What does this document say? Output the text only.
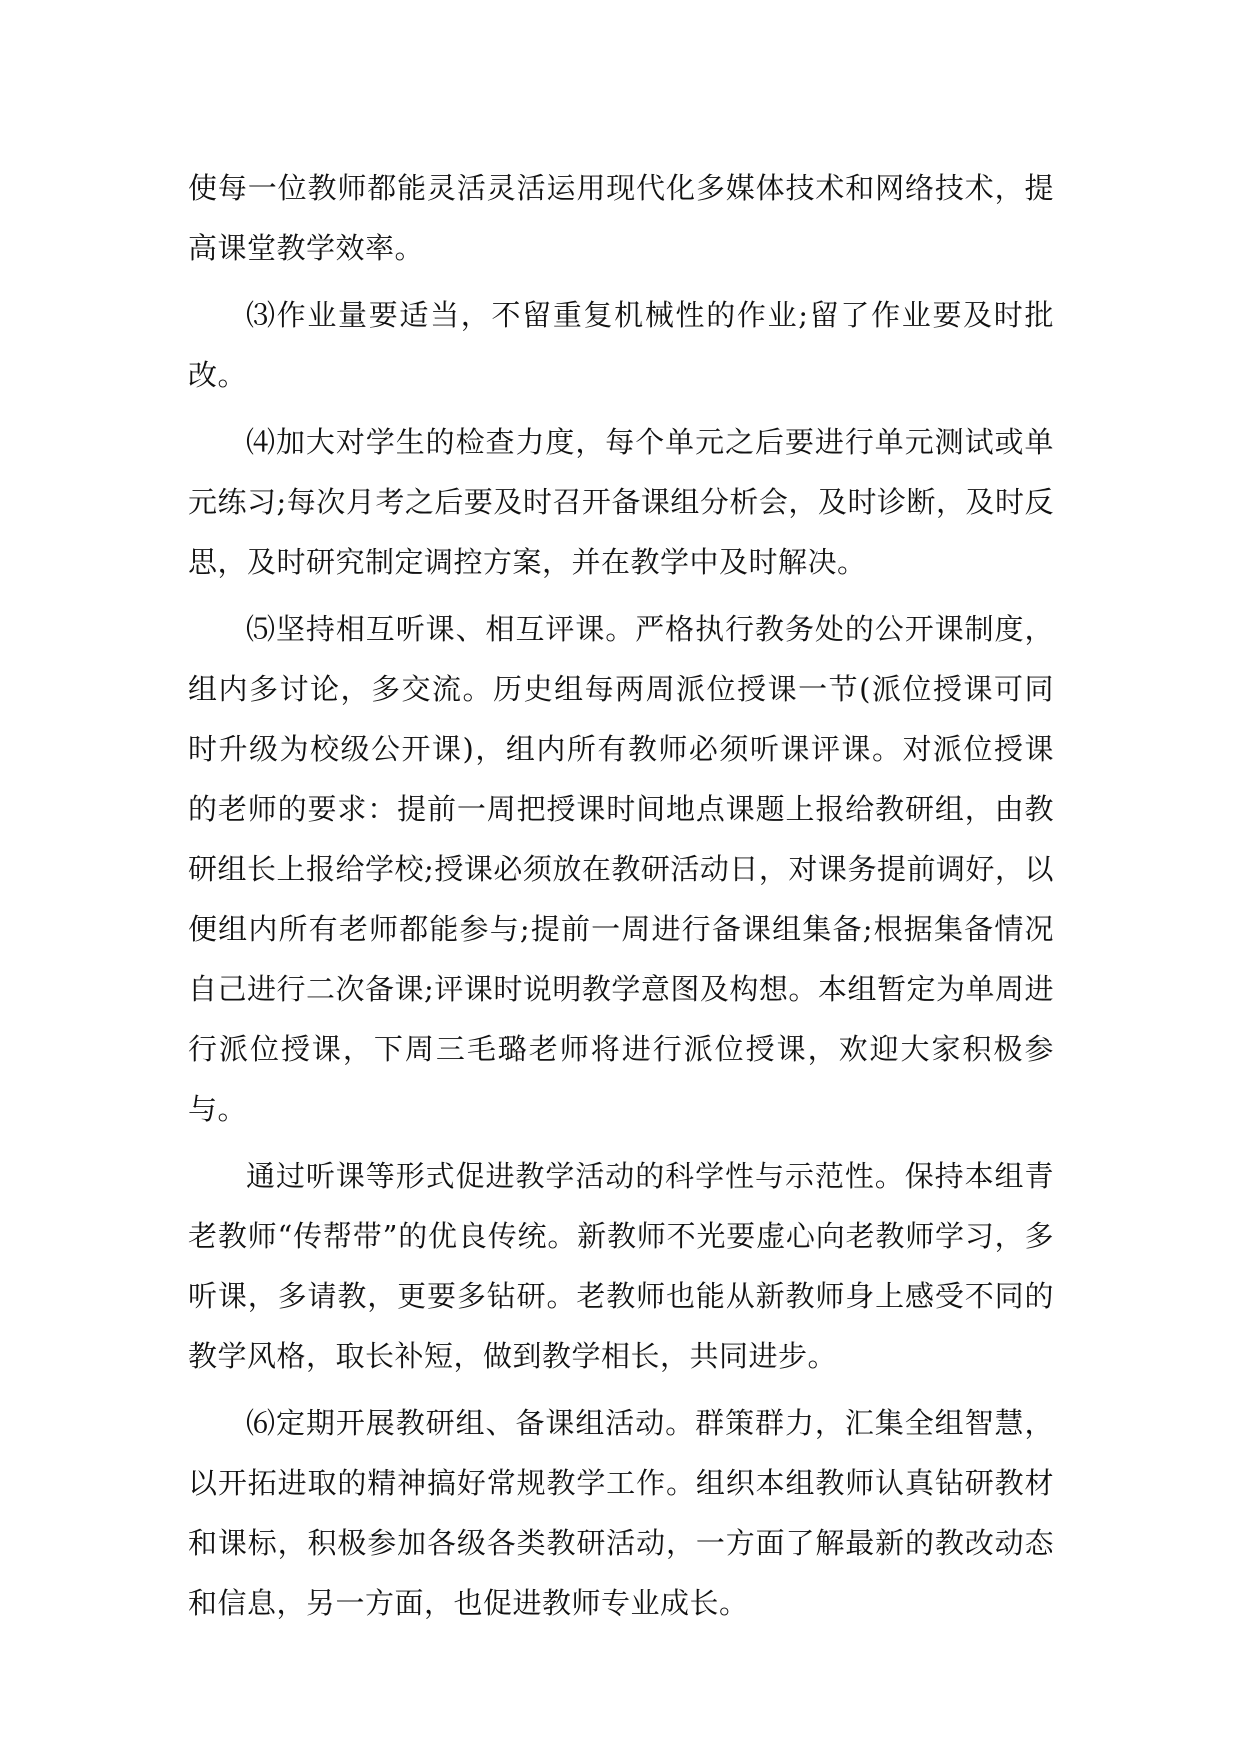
使每一位教师都能灵活灵活运用现代化多媒体技术和网络技术，提高课堂教学效率。

⑶作业量要适当，不留重复机械性的作业;留了作业要及时批改。

⑷加大对学生的检查力度，每个单元之后要进行单元测试或单元练习;每次月考之后要及时召开备课组分析会，及时诊断，及时反思，及时研究制定调控方案，并在教学中及时解决。

⑸坚持相互听课、相互评课。严格执行教务处的公开课制度，组内多讨论，多交流。历史组每两周派位授课一节(派位授课可同时升级为校级公开课)，组内所有教师必须听课评课。对派位授课的老师的要求：提前一周把授课时间地点课题上报给教研组，由教研组长上报给学校;授课必须放在教研活动日，对课务提前调好，以便组内所有老师都能参与;提前一周进行备课组集备;根据集备情况自己进行二次备课;评课时说明教学意图及构想。本组暂定为单周进行派位授课，下周三毛璐老师将进行派位授课，欢迎大家积极参与。

通过听课等形式促进教学活动的科学性与示范性。保持本组青老教师“传帮带”的优良传统。新教师不光要虚心向老教师学习，多听课，多请教，更要多钻研。老教师也能从新教师身上感受不同的教学风格，取长补短，做到教学相长，共同进步。

⑹定期开展教研组、备课组活动。群策群力，汇集全组智慧，以开拓进取的精神搞好常规教学工作。组织本组教师认真钻研教材和课标，积极参加各级各类教研活动，一方面了解最新的教改动态和信息，另一方面，也促进教师专业成长。
